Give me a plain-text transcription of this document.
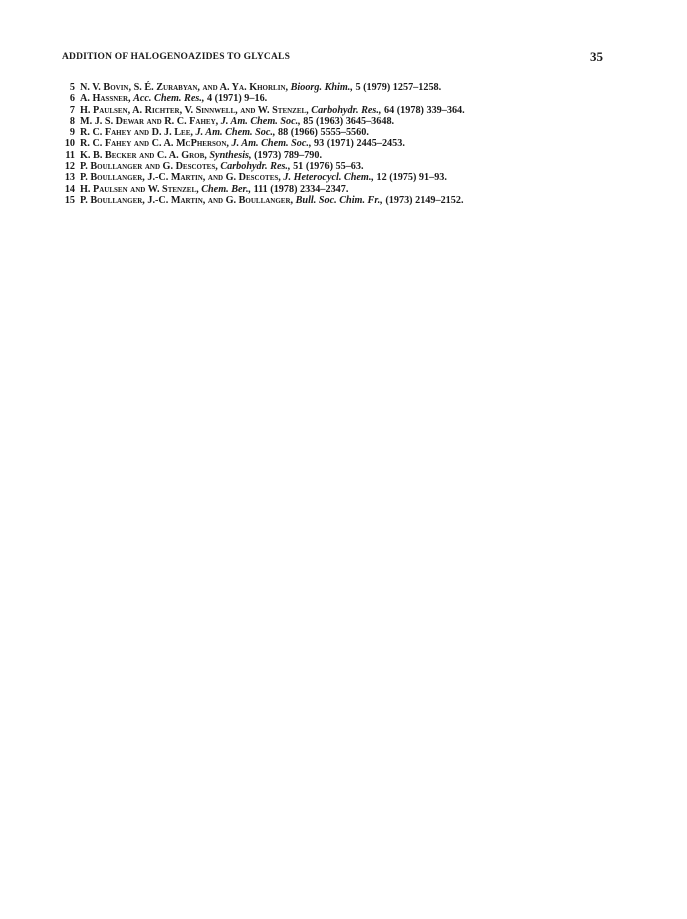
ADDITION OF HALOGENOAZIDES TO GLYCALS	35
5 N. V. Bovin, S. É. Zurabyan, and A. Ya. Khorlin, Bioorg. Khim., 5 (1979) 1257–1258.
6 A. Hassner, Acc. Chem. Res., 4 (1971) 9–16.
7 H. Paulsen, A. Richter, V. Sinnwell, and W. Stenzel, Carbohydr. Res., 64 (1978) 339–364.
8 M. J. S. Dewar and R. C. Fahey, J. Am. Chem. Soc., 85 (1963) 3645–3648.
9 R. C. Fahey and D. J. Lee, J. Am. Chem. Soc., 88 (1966) 5555–5560.
10 R. C. Fahey and C. A. McPherson, J. Am. Chem. Soc., 93 (1971) 2445–2453.
11 K. B. Becker and C. A. Grob, Synthesis, (1973) 789–790.
12 P. Boullanger and G. Descotes, Carbohydr. Res., 51 (1976) 55–63.
13 P. Boullanger, J.-C. Martin, and G. Descotes, J. Heterocycl. Chem., 12 (1975) 91–93.
14 H. Paulsen and W. Stenzel, Chem. Ber., 111 (1978) 2334–2347.
15 P. Boullanger, J.-C. Martin, and G. Boullanger, Bull. Soc. Chim. Fr., (1973) 2149–2152.
